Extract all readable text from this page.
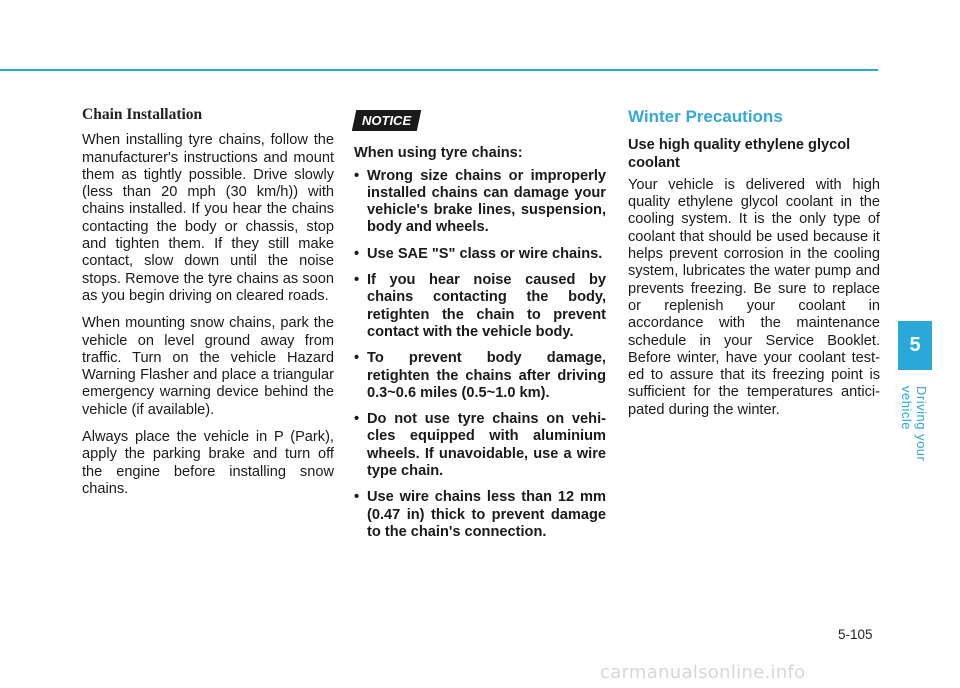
Chain Installation

When installing tyre chains, follow the manufacturer's instructions and mount them as tightly possible. Drive slowly (less than 20 mph (30 km/h)) with chains installed. If you hear the chains contacting the body or chassis, stop and tighten them. If they still make contact, slow down until the noise stops. Remove the tyre chains as soon as you begin driving on cleared roads.

When mounting snow chains, park the vehicle on level ground away from traffic. Turn on the vehicle Hazard Warning Flasher and place a triangular emergency warning device behind the vehicle (if available).

Always place the vehicle in P (Park), apply the parking brake and turn off the engine before installing snow chains.

NOTICE
When using tyre chains:
• Wrong size chains or improperly installed chains can damage your vehicle's brake lines, suspension, body and wheels.
• Use SAE "S" class or wire chains.
• If you hear noise caused by chains contacting the body, retighten the chain to prevent contact with the vehicle body.
• To prevent body damage, retighten the chains after driving 0.3~0.6 miles (0.5~1.0 km).
• Do not use tyre chains on vehicles equipped with aluminium wheels. If unavoidable, use a wire type chain.
• Use wire chains less than 12 mm (0.47 in) thick to prevent damage to the chain's connection.
Winter Precautions
Use high quality ethylene glycol coolant

Your vehicle is delivered with high quality ethylene glycol coolant in the cooling system. It is the only type of coolant that should be used because it helps prevent corrosion in the cooling system, lubricates the water pump and prevents freezing. Be sure to replace or replenish your coolant in accordance with the maintenance schedule in your Service Booklet. Before winter, have your coolant tested to assure that its freezing point is sufficient for the temperatures anticipated during the winter.

5
Driving your vehicle
5-105
carmanualsonline.info
